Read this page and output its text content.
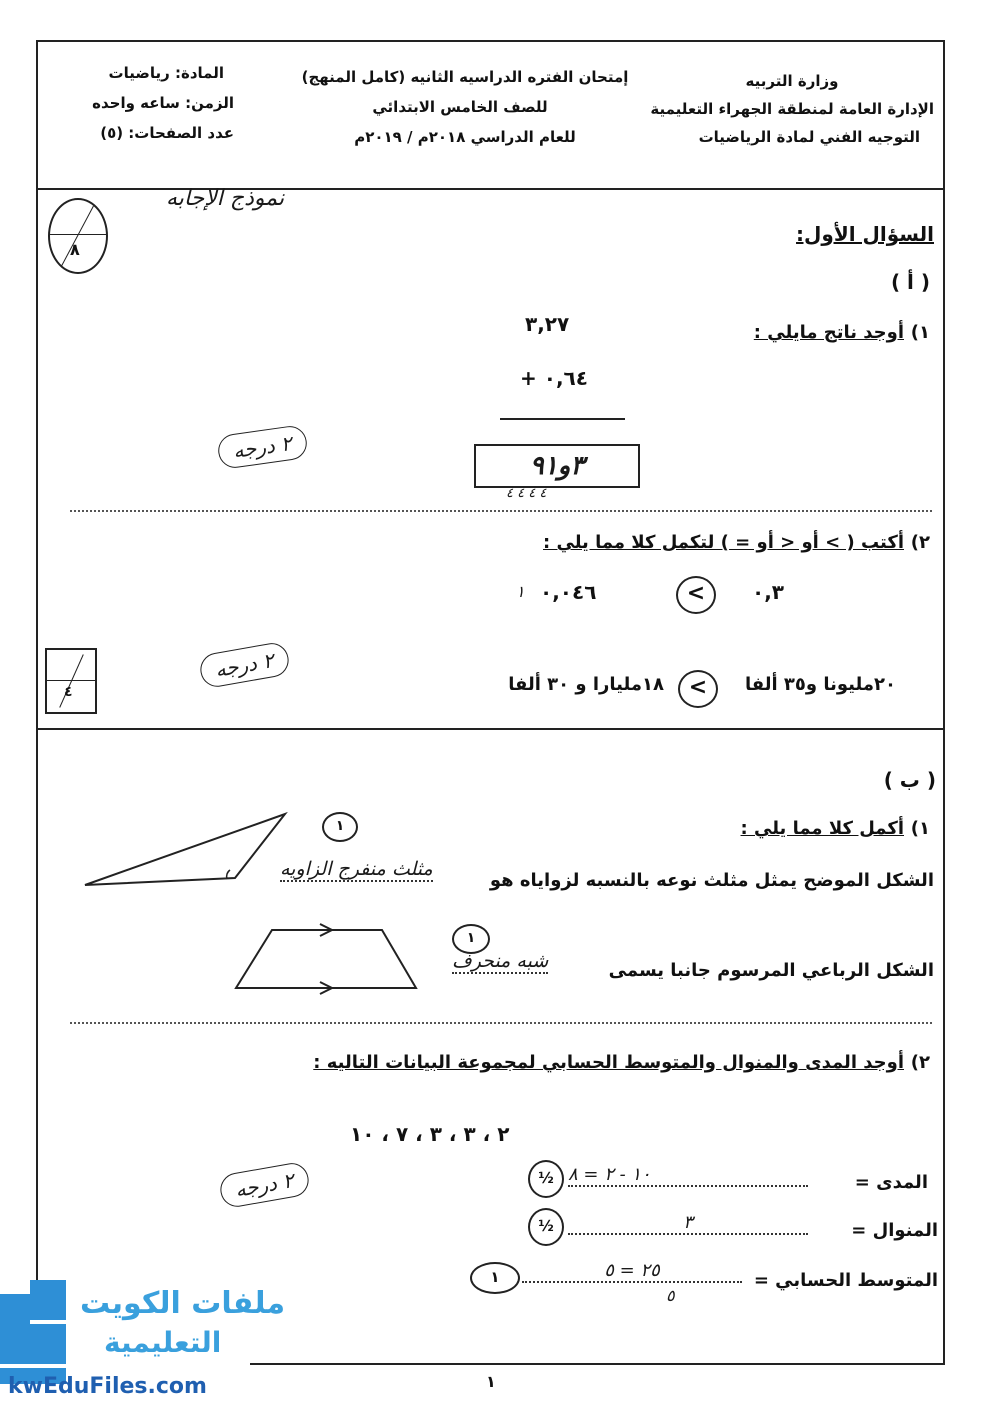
وزارة التربيه
الإدارة العامة لمنطقة الجهراء التعليمية
التوجيه الفني لمادة الرياضيات
إمتحان الفتره الدراسيه الثانيه (كامل المنهج)
للصف الخامس الابتدائي
للعام الدراسي ٢٠١٨م / ٢٠١٩م
المادة: رياضيات
الزمن: ساعه واحده
عدد الصفحات: (٥)
٨
نموذج الإجابه
السؤال الأول:
( أ )
١)
أوجد ناتج مايلي :
٣,٢٧
٠,٦٤ +
٣و٩١
٤ ٤ ٤ ٤
٢ درجه
٢)
أكتب ( > أو < أو = ) لتكمل كلا مما يلي :
٠,٣
<
٠,٠٤٦
١
٤
٢ درجه
٢٠مليونا و٣٥ ألفا
<
١٨مليارا و ٣٠ ألفا
( ب )
١)
أكمل كلا مما يلي :
١
الشكل الموضح يمثل مثلث نوعه بالنسبه لزواياه هو
مثلث منفرج الزاويه
١
الشكل الرباعي المرسوم جانبا يسمى
شبه منحرف
٢)
أوجد المدى والمنوال والمتوسط الحسابي لمجموعة البيانات التاليه :
٢ ، ٣ ، ٣ ، ٧ ، ١٠
٢ درجه	المدى =
١٠ - ٢ = ٨
½
المنوال =
٣
½
المتوسط الحسابي =
٢٥ = ٥
٥
١
١
ملفات الكويت
التعليمية
kwEduFiles.com
